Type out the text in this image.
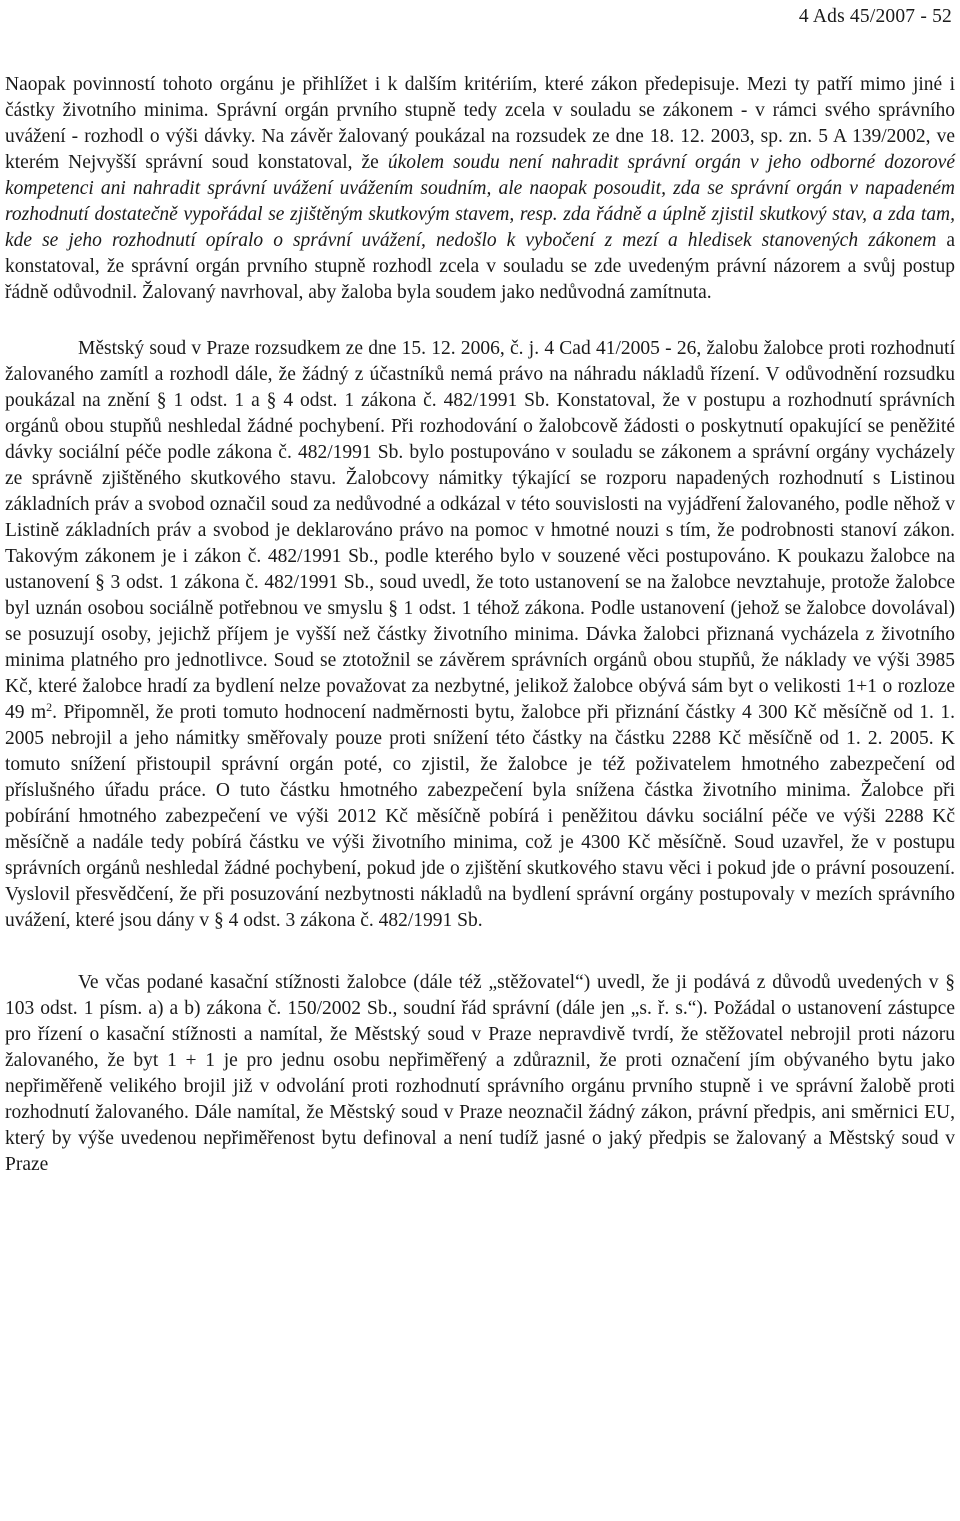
4 Ads 45/2007 - 52

Naopak povinností tohoto orgánu je přihlížet i k dalším kritériím, které zákon předepisuje. Mezi ty patří mimo jiné i částky životního minima. Správní orgán prvního stupně tedy zcela v souladu se zákonem - v rámci svého správního uvážení - rozhodl o výši dávky. Na závěr žalovaný poukázal na rozsudek ze dne 18. 12. 2003, sp. zn. 5 A 139/2002, ve kterém Nejvyšší správní soud konstatoval, že úkolem soudu není nahradit správní orgán v jeho odborné dozorové kompetenci ani nahradit správní uvážení uvážením soudním, ale naopak posoudit, zda se správní orgán v napadeném rozhodnutí dostatečně vypořádal se zjištěným skutkovým stavem, resp. zda řádně a úplně zjistil skutkový stav, a zda tam, kde se jeho rozhodnutí opíralo o správní uvážení, nedošlo k vybočení z mezí a hledisek stanovených zákonem a konstatoval, že správní orgán prvního stupně rozhodl zcela v souladu se zde uvedeným právní názorem a svůj postup řádně odůvodnil. Žalovaný navrhoval, aby žaloba byla soudem jako nedůvodná zamítnuta.

Městský soud v Praze rozsudkem ze dne 15. 12. 2006, č. j. 4 Cad 41/2005 - 26, žalobu žalobce proti rozhodnutí žalovaného zamítl a rozhodl dále, že žádný z účastníků nemá právo na náhradu nákladů řízení. V odůvodnění rozsudku poukázal na znění § 1 odst. 1 a § 4 odst. 1 zákona č. 482/1991 Sb. Konstatoval, že v postupu a rozhodnutí správních orgánů obou stupňů neshledal žádné pochybení. Při rozhodování o žalobcově žádosti o poskytnutí opakující se peněžité dávky sociální péče podle zákona č. 482/1991 Sb. bylo postupováno v souladu se zákonem a správní orgány vycházely ze správně zjištěného skutkového stavu. Žalobcovy námitky týkající se rozporu napadených rozhodnutí s Listinou základních práv a svobod označil soud za nedůvodné a odkázal v této souvislosti na vyjádření žalovaného, podle něhož v Listině základních práv a svobod je deklarováno právo na pomoc v hmotné nouzi s tím, že podrobnosti stanoví zákon. Takovým zákonem je i zákon č. 482/1991 Sb., podle kterého bylo v souzené věci postupováno. K poukazu žalobce na ustanovení § 3 odst. 1 zákona č. 482/1991 Sb., soud uvedl, že toto ustanovení se na žalobce nevztahuje, protože žalobce byl uznán osobou sociálně potřebnou ve smyslu § 1 odst. 1 téhož zákona. Podle ustanovení (jehož se žalobce dovolával) se posuzují osoby, jejichž příjem je vyšší než částky životního minima. Dávka žalobci přiznaná vycházela z životního minima platného pro jednotlivce. Soud se ztotožnil se závěrem správních orgánů obou stupňů, že náklady ve výši 3985 Kč, které žalobce hradí za bydlení nelze považovat za nezbytné, jelikož žalobce obývá sám byt o velikosti 1+1 o rozloze 49 $m^2$. Připomněl, že proti tomuto hodnocení nadměrnosti bytu, žalobce při přiznání částky 4 300 Kč měsíčně od 1. 1. 2005 nebrojil a jeho námitky směřovaly pouze proti snížení této částky na částku 2288 Kč měsíčně od 1. 2. 2005. K tomuto snížení přistoupil správní orgán poté, co zjistil, že žalobce je též poživatelem hmotného zabezpečení od příslušného úřadu práce. O tuto částku hmotného zabezpečení byla snížena částka životního minima. Žalobce při pobírání hmotného zabezpečení ve výši 2012 Kč měsíčně pobírá i peněžitou dávku sociální péče ve výši 2288 Kč měsíčně a nadále tedy pobírá částku ve výši životního minima, což je 4300 Kč měsíčně. Soud uzavřel, že v postupu správních orgánů neshledal žádné pochybení, pokud jde o zjištění skutkového stavu věci i pokud jde o právní posouzení. Vyslovil přesvědčení, že při posuzování nezbytnosti nákladů na bydlení správní orgány postupovaly v mezích správního uvážení, které jsou dány v § 4 odst. 3 zákona č. 482/1991 Sb.

Ve včas podané kasační stížnosti žalobce (dále též „stěžovatel“) uvedl, že ji podává z důvodů uvedených v § 103 odst. 1 písm. a) a b) zákona č. 150/2002 Sb., soudní řád správní (dále jen „s. ř. s.“). Požádal o ustanovení zástupce pro řízení o kasační stížnosti a namítal, že Městský soud v Praze nepravdivě tvrdí, že stěžovatel nebrojil proti názoru žalovaného, že byt 1 + 1 je pro jednu osobu nepřiměřený a zdůraznil, že proti označení jím obývaného bytu jako nepřiměřeně velikého brojil již v odvolání proti rozhodnutí správního orgánu prvního stupně i ve správní žalobě proti rozhodnutí žalovaného. Dále namítal, že Městský soud v Praze neoznačil žádný zákon, právní předpis, ani směrnici EU, který by výše uvedenou nepřiměřenost bytu definoval a není tudíž jasné o jaký předpis se žalovaný a Městský soud v Praze
